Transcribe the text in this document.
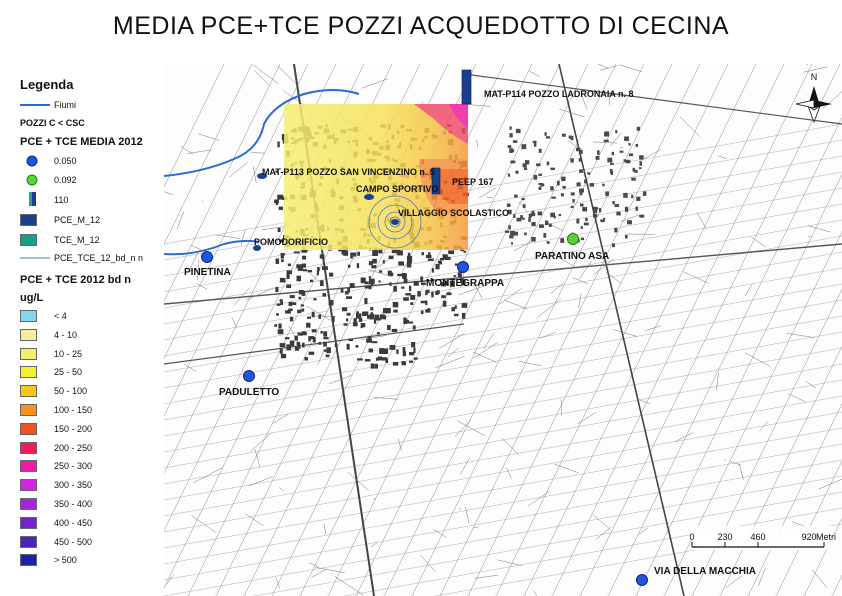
MEDIA PCE+TCE POZZI ACQUEDOTTO DI CECINA
Legenda
Fiumi
POZZI C < CSC
PCE + TCE MEDIA 2012
0.050
0.092
110
PCE_M_12
TCE_M_12
PCE_TCE_12_bd_n n
PCE + TCE 2012 bd n
ug/L
< 4
4 - 10
10 - 25
25 - 50
50 - 100
100 - 150
150 - 200
200 - 250
250 - 300
300 - 350
350 - 400
400 - 450
450 - 500
> 500
N
MAT-P114 POZZO LADRONAIA n. 8
MAT-P113 POZZO SAN VINCENZINO n. 5
PEEP 167
CAMPO SPORTIVO
VILLAGGIO SCOLASTICO
POMODORIFICIO
PINETINA
MONTEGRAPPA
PARATINO ASA
PADULETTO
VIA DELLA MACCHIA
0	230 460	920 Metri
